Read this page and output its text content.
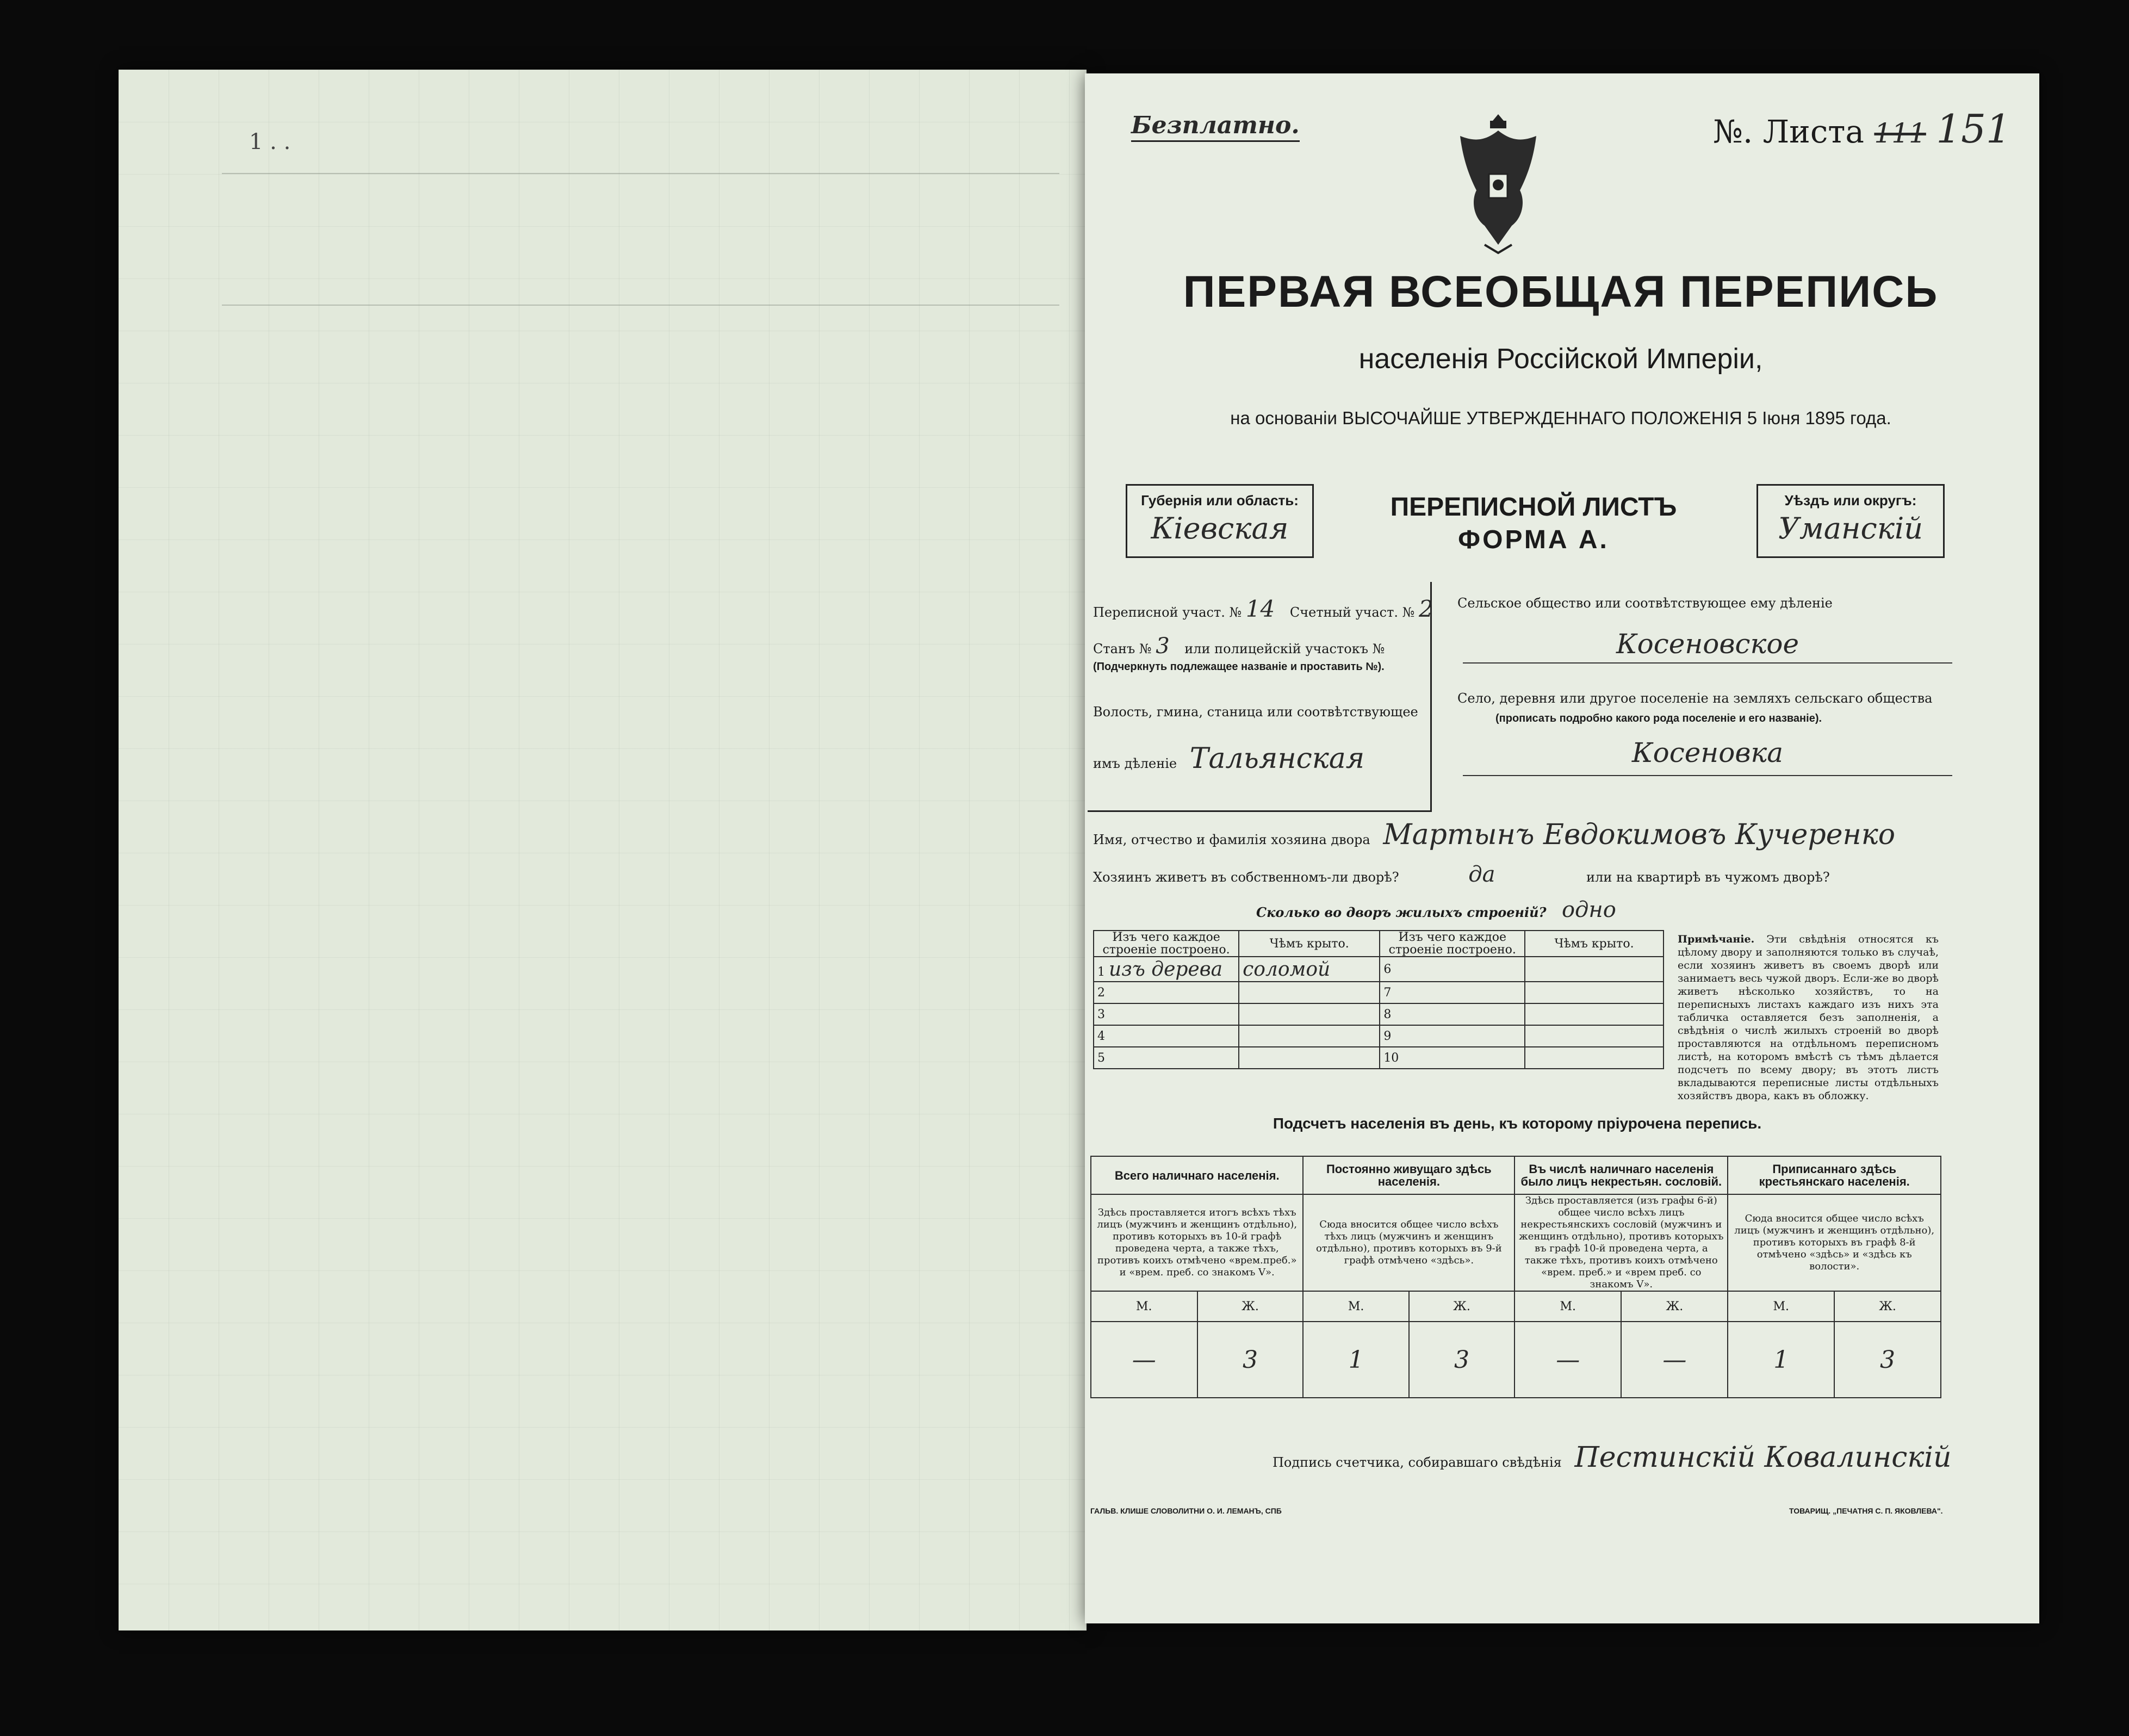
1 . .
Безплатно.	№. Листа 111 151
ПЕРВАЯ ВСЕОБЩАЯ ПЕРЕПИСЬ
населенія Россійской Имперіи,
на основаніи ВЫСОЧАЙШЕ УТВЕРЖДЕННАГО ПОЛОЖЕНІЯ 5 Іюня 1895 года.
Губернія или область:
Кіевская
ПЕРЕПИСНОЙ ЛИСТЪ
ФОРМА А.
Уѣздъ или округъ:
Уманскій
Переписной участ. № 14 Счетный участ. № 2
Станъ № 3 или полицейскій участокъ №
(Подчеркнуть подлежащее названіе и проставить №).
Волость, гмина, станица или соотвѣтствующее
имъ дѣленіе Тальянская
Сельское общество или соотвѣтствующее ему дѣленіе
Косеновское
Село, деревня или другое поселеніе на земляхъ сельскаго общества
(прописать подробно какого рода поселеніе и его названіе).
Косеновка
Имя, отчество и фамилія хозяина двора Мартынъ Евдокимовъ Кучеренко
Хозяинъ живетъ въ собственномъ-ли дворѣ?	да	или на квартирѣ въ чужомъ дворѣ?
Сколько во дворъ жилыхъ строеній? одно
Изъ чего каждое строеніе построено.	Чѣмъ крыто.	Изъ чего каждое строеніе построено.	Чѣмъ крыто.
1 изъ дерева	соломой	6	
2		7	
3		8	
4		9	
5		10	
Примѣчаніе. Эти свѣдѣнія относятся къ цѣлому двору и заполняются только въ случаѣ, если хозяинъ живетъ въ своемъ дворѣ или занимаетъ весь чужой дворъ. Если-же во дворѣ живетъ нѣсколько хозяйствъ, то на переписныхъ листахъ каждаго изъ нихъ эта табличка оставляется безъ заполненія, а свѣдѣнія о числѣ жилыхъ строеній во дворѣ проставляются на отдѣльномъ переписномъ листѣ, на которомъ вмѣстѣ съ тѣмъ дѣлается подсчетъ по всему двору; въ этотъ листъ вкладываются переписные листы отдѣльныхъ хозяйствъ двора, какъ въ обложку.
Подсчетъ населенія въ день, къ которому пріурочена перепись.
Всего наличнаго населенія.		Постоянно живущаго здѣсь населенія.		Въ числѣ наличнаго населенія было лицъ некрестьян. сословій.		Приписаннаго здѣсь крестьянскаго населенія.	
Здѣсь проставляется итогъ всѣхъ тѣхъ лицъ (мужчинъ и женщинъ отдѣльно), противъ которыхъ въ 10-й графѣ проведена черта, а также тѣхъ, противъ коихъ отмѣчено «врем.преб.» и «врем. преб. со знакомъ V».		Сюда вносится общее число всѣхъ тѣхъ лицъ (мужчинъ и женщинъ отдѣльно), противъ которыхъ въ 9-й графѣ отмѣчено «здѣсь».		Здѣсь проставляется (изъ графы 6-й) общее число всѣхъ лицъ некрестьянскихъ сословій (мужчинъ и женщинъ отдѣльно), противъ которыхъ въ графѣ 10-й проведена черта, а также тѣхъ, противъ коихъ отмѣчено «врем. преб.» и «врем преб. со знакомъ V».		Сюда вносится общее число всѣхъ лицъ (мужчинъ и женщинъ отдѣльно), противъ которыхъ въ графѣ 8-й отмѣчено «здѣсь» и «здѣсь къ волости».	
М.	Ж.	М.	Ж.	М.	Ж.	М.	Ж.
—	3	1	3	—	—	1	3
Подпись счетчика, собиравшаго свѣдѣнія Пестинскій Ковалинскій
ГАЛЬВ. КЛИШЕ СЛОВОЛИТНИ О. И. ЛЕМАНЪ, СПБ	ТОВАРИЩ. „ПЕЧАТНЯ С. П. ЯКОВЛЕВА".
